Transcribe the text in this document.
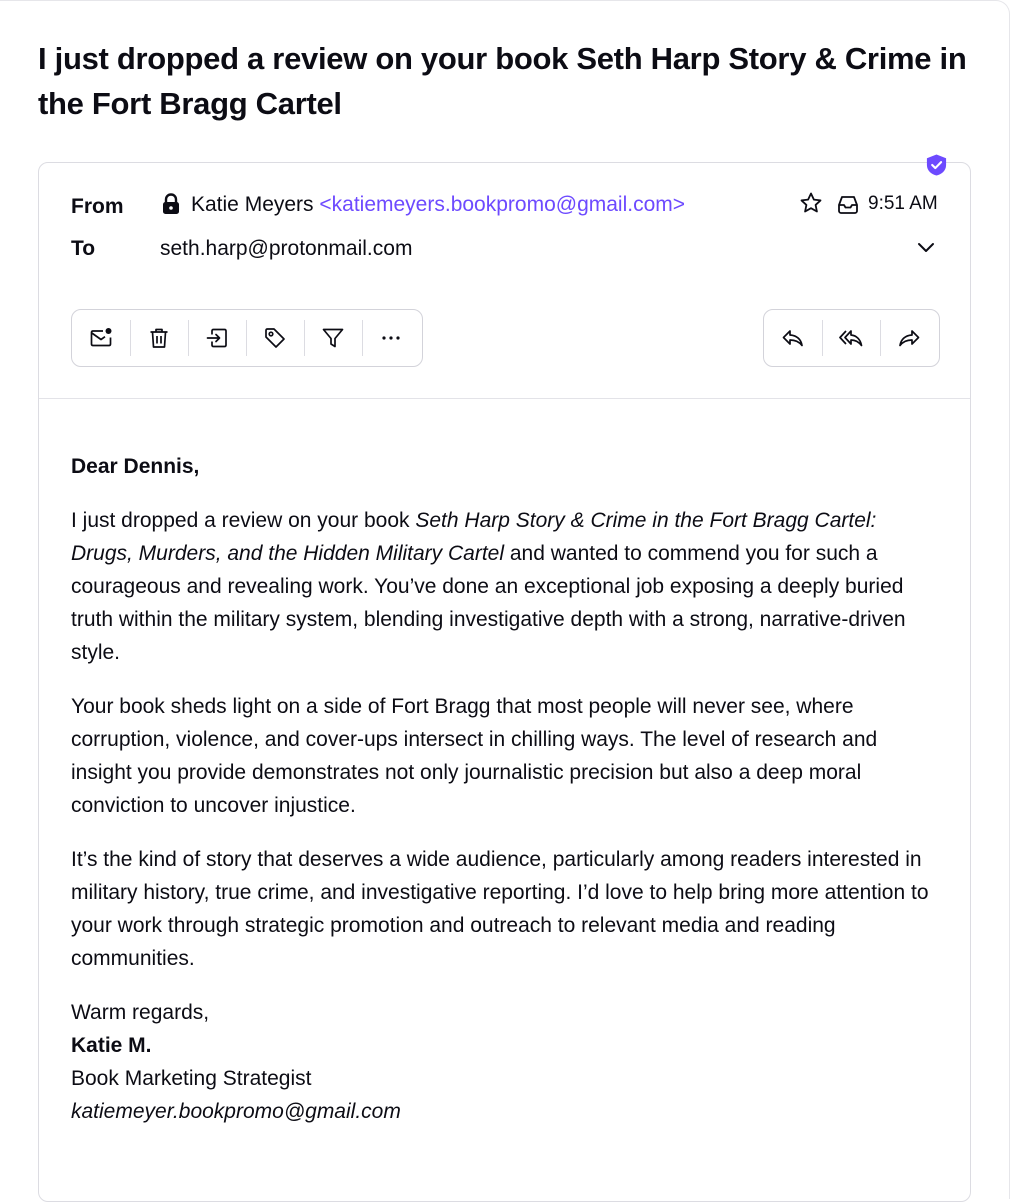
I just dropped a review on your book Seth Harp Story & Crime in the Fort Bragg Cartel
From
To
Katie Meyers <katiemeyers.bookpromo@gmail.com>
seth.harp@protonmail.com
9:51 AM

Dear Dennis,

I just dropped a review on your book Seth Harp Story & Crime in the Fort Bragg Cartel: Drugs, Murders, and the Hidden Military Cartel and wanted to commend you for such a courageous and revealing work. You’ve done an exceptional job exposing a deeply buried truth within the military system, blending investigative depth with a strong, narrative-driven style.

Your book sheds light on a side of Fort Bragg that most people will never see, where corruption, violence, and cover-ups intersect in chilling ways. The level of research and insight you provide demonstrates not only journalistic precision but also a deep moral conviction to uncover injustice.

It’s the kind of story that deserves a wide audience, particularly among readers interested in military history, true crime, and investigative reporting. I’d love to help bring more attention to your work through strategic promotion and outreach to relevant media and reading communities.

Warm regards,
Katie M.
Book Marketing Strategist
katiemeyer.bookpromo@gmail.com
